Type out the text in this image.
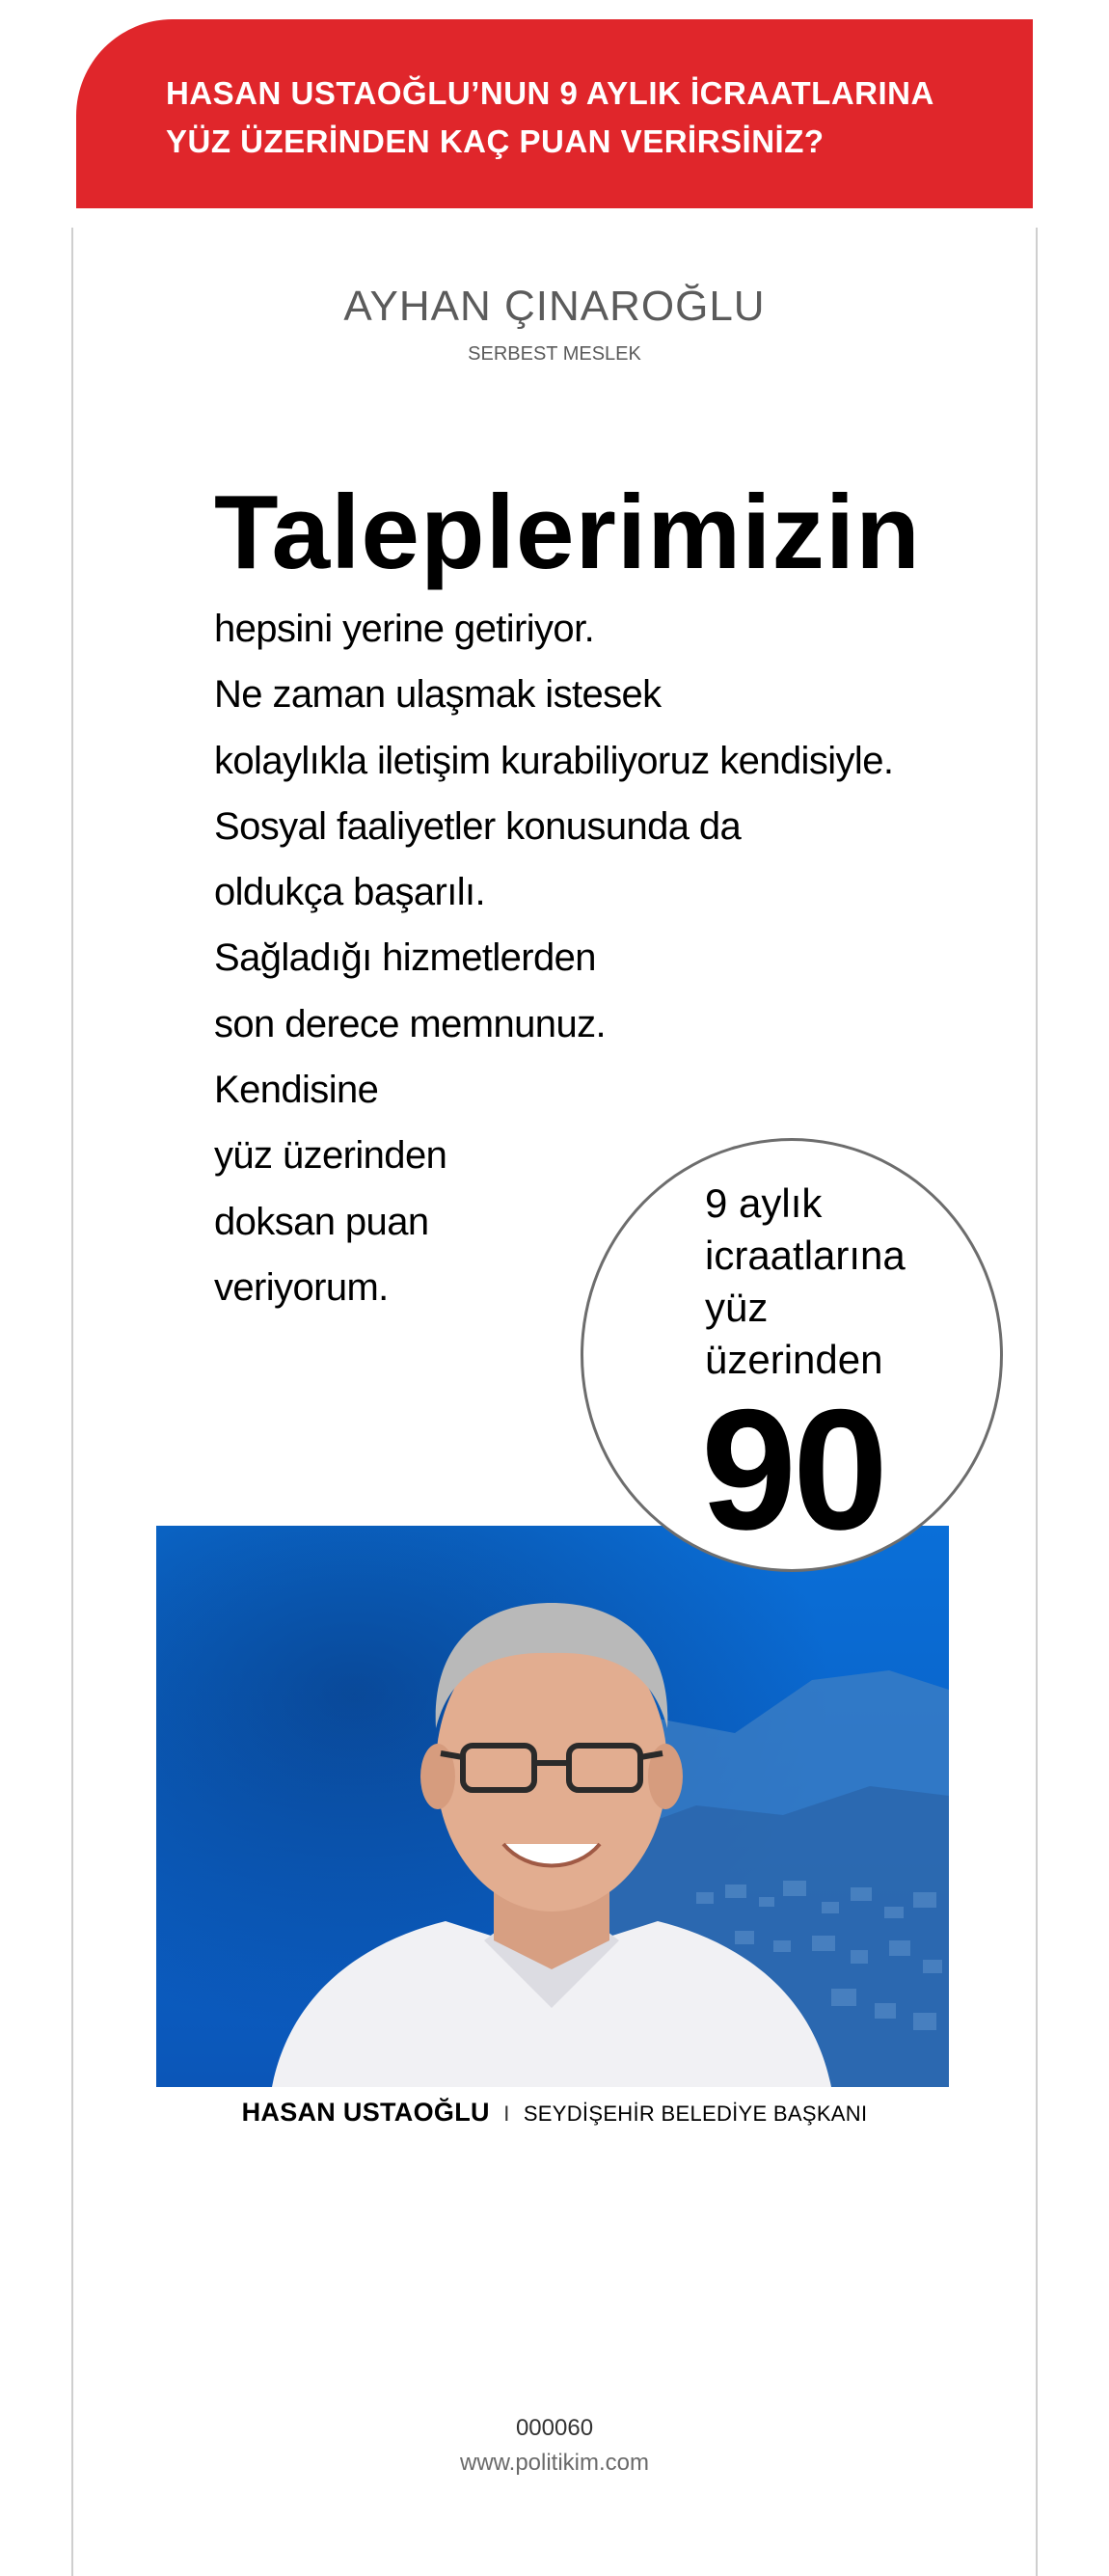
HASAN USTAOĞLU’NUN 9 AYLIK İCRAATLARINA
YÜZ ÜZERİNDEN KAÇ PUAN VERİRSİNİZ?
AYHAN ÇINAROĞLU
SERBEST MESLEK
Taleplerimizin
hepsini yerine getiriyor.
Ne zaman ulaşmak istesek
kolaylıkla iletişim kurabiliyoruz kendisiyle.
Sosyal faaliyetler konusunda da
oldukça başarılı.
Sağladığı hizmetlerden
son derece memnunuz.
Kendisine
yüz üzerinden
doksan puan
veriyorum.
9 aylık
icraatlarına
yüz
üzerinden
90
HASAN USTAOĞLU I SEYDİŞEHİR BELEDİYE BAŞKANI
000060
www.politikim.com
